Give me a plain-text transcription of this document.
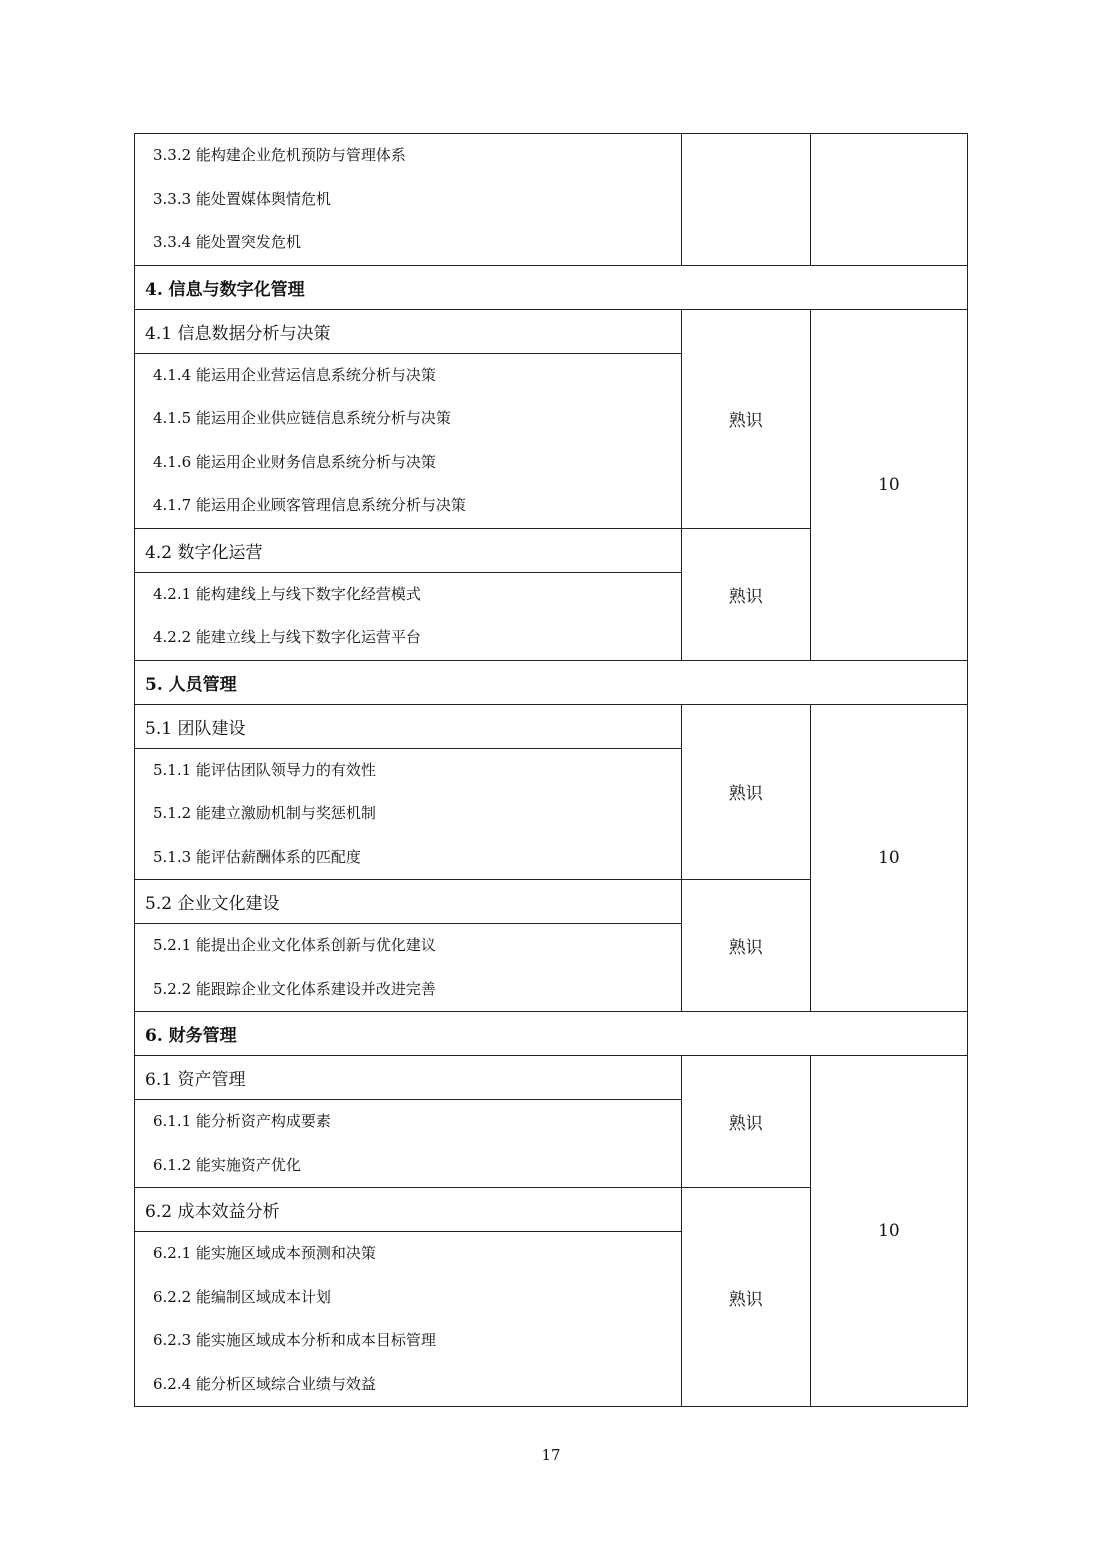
3.3.2 能构建企业危机预防与管理体系
3.3.3 能处置媒体舆情危机
3.3.4 能处置突发危机		

4. 信息与数字化管理		
4.1 信息数据分析与决策	熟识	10

4.1.4 能运用企业营运信息系统分析与决策
4.1.5 能运用企业供应链信息系统分析与决策
4.1.6 能运用企业财务信息系统分析与决策
4.1.7 能运用企业顾客管理信息系统分析与决策		

4.2 数字化运营	熟识	

4.2.1 能构建线上与线下数字化经营模式
4.2.2 能建立线上与线下数字化运营平台		

5. 人员管理		
5.1 团队建设	熟识	10

5.1.1 能评估团队领导力的有效性
5.1.2 能建立激励机制与奖惩机制
5.1.3 能评估薪酬体系的匹配度		

5.2 企业文化建设	熟识	

5.2.1 能提出企业文化体系创新与优化建议
5.2.2 能跟踪企业文化体系建设并改进完善		

6. 财务管理		
6.1 资产管理	熟识	10

6.1.1 能分析资产构成要素
6.1.2 能实施资产优化		

6.2 成本效益分析	熟识	

6.2.1 能实施区域成本预测和决策
6.2.2 能编制区域成本计划
6.2.3 能实施区域成本分析和成本目标管理
6.2.4 能分析区域综合业绩与效益		
17
